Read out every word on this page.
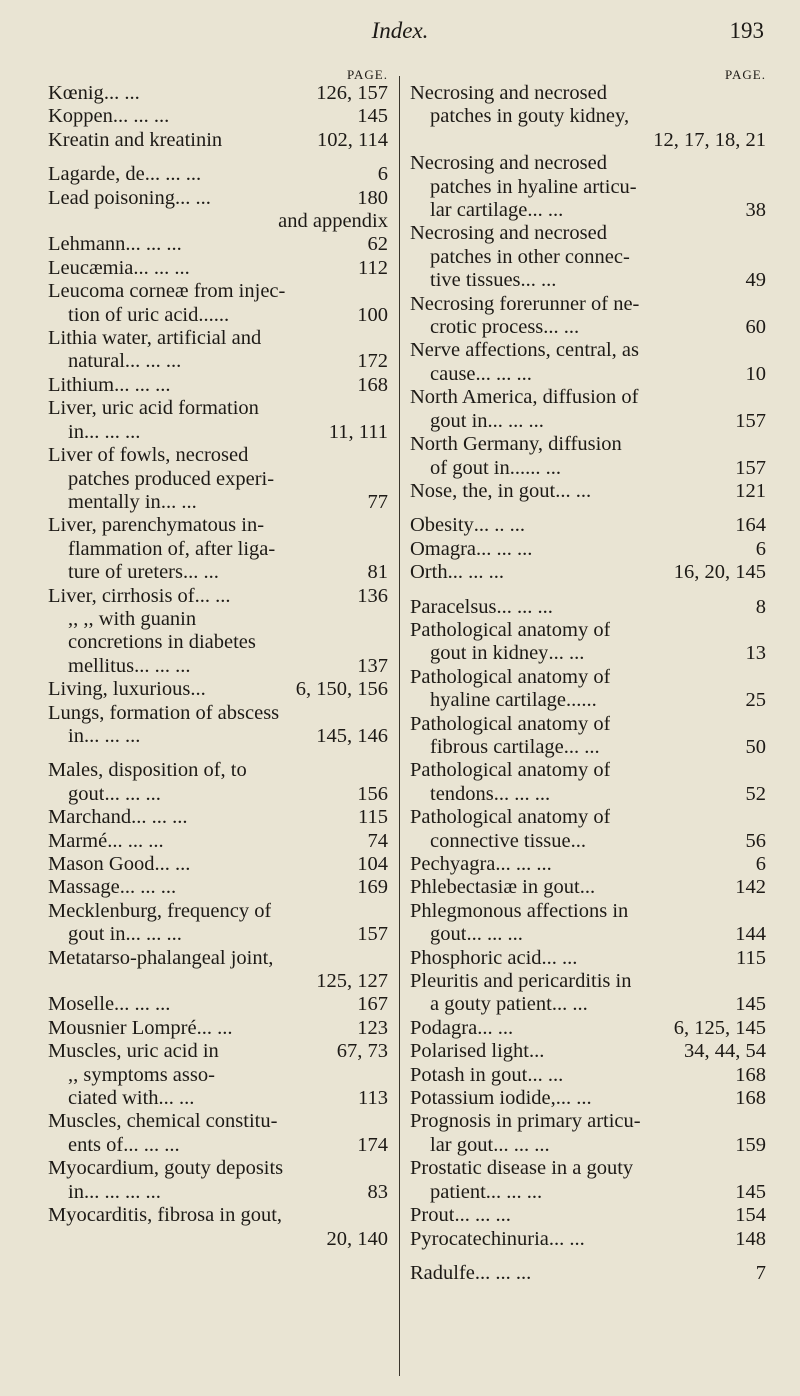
Index.	193
PAGE.
Kœnig ... ...	126, 157
Koppen ... ... ...	145
Kreatin and kreatinin	102, 114
Lagarde, de ... ... ...	6
Lead poisoning ... ...	180
and appendix
Lehmann ... ... ...	62
Leucæmia ... ... ...	112
Leucoma corneæ from injec-
tion of uric acid... ...	100
Lithia water, artificial and
natural ... ... ...	172
Lithium ... ... ...	168
Liver, uric acid formation
in ... ... ...	11, 111
Liver of fowls, necrosed
patches produced experi-
mentally in ... ...	77
Liver, parenchymatous in-
flammation of, after liga-
ture of ureters ... ...	81
Liver, cirrhosis of ... ...	136
,, ,, with guanin
concretions in diabetes
mellitus ... ... ...	137
Living, luxurious ...	6, 150, 156
Lungs, formation of abscess
in ... ... ...	145, 146
Males, disposition of, to
gout ... ... ...	156
Marchand ... ... ...	115
Marmé ... ... ...	74
Mason Good ... ...	104
Massage ... ... ...	169
Mecklenburg, frequency of
gout in ... ... ...	157
Metatarso-phalangeal joint,
125, 127
Moselle ... ... ...	167
Mousnier Lompré ... ...	123
Muscles, uric acid in	67, 73
,, symptoms asso-
ciated with ... ...	113
Muscles, chemical constitu-
ents of ... ... ...	174
Myocardium, gouty deposits
in ... ... ... ...	83
Myocarditis, fibrosa in gout,
20, 140
PAGE.
Necrosing and necrosed
patches in gouty kidney,
12, 17, 18, 21
Necrosing and necrosed
patches in hyaline articu-
lar cartilage ... ...	38
Necrosing and necrosed
patches in other connec-
tive tissues ... ...	49
Necrosing forerunner of ne-
crotic process ... ...	60
Nerve affections, central, as
cause ... ... ...	10
North America, diffusion of
gout in ... ... ...	157
North Germany, diffusion
of gout in... ... ...	157
Nose, the, in gout ... ...	121
Obesity ... .. ...	164
Omagra ... ... ...	6
Orth ... ... ...	16, 20, 145
Paracelsus ... ... ...	8
Pathological anatomy of
gout in kidney ... ...	13
Pathological anatomy of
hyaline cartilage... ...	25
Pathological anatomy of
fibrous cartilage ... ...	50
Pathological anatomy of
tendons ... ... ...	52
Pathological anatomy of
connective tissue ...	56
Pechyagra ... ... ...	6
Phlebectasiæ in gout ...	142
Phlegmonous affections in
gout ... ... ...	144
Phosphoric acid ... ...	115
Pleuritis and pericarditis in
a gouty patient ... ...	145
Podagra ... ...	6, 125, 145
Polarised light ...	34, 44, 54
Potash in gout ... ...	168
Potassium iodide, ... ...	168
Prognosis in primary articu-
lar gout ... ... ...	159
Prostatic disease in a gouty
patient ... ... ...	145
Prout ... ... ...	154
Pyrocatechinuria ... ...	148
Radulfe ... ... ...	7
